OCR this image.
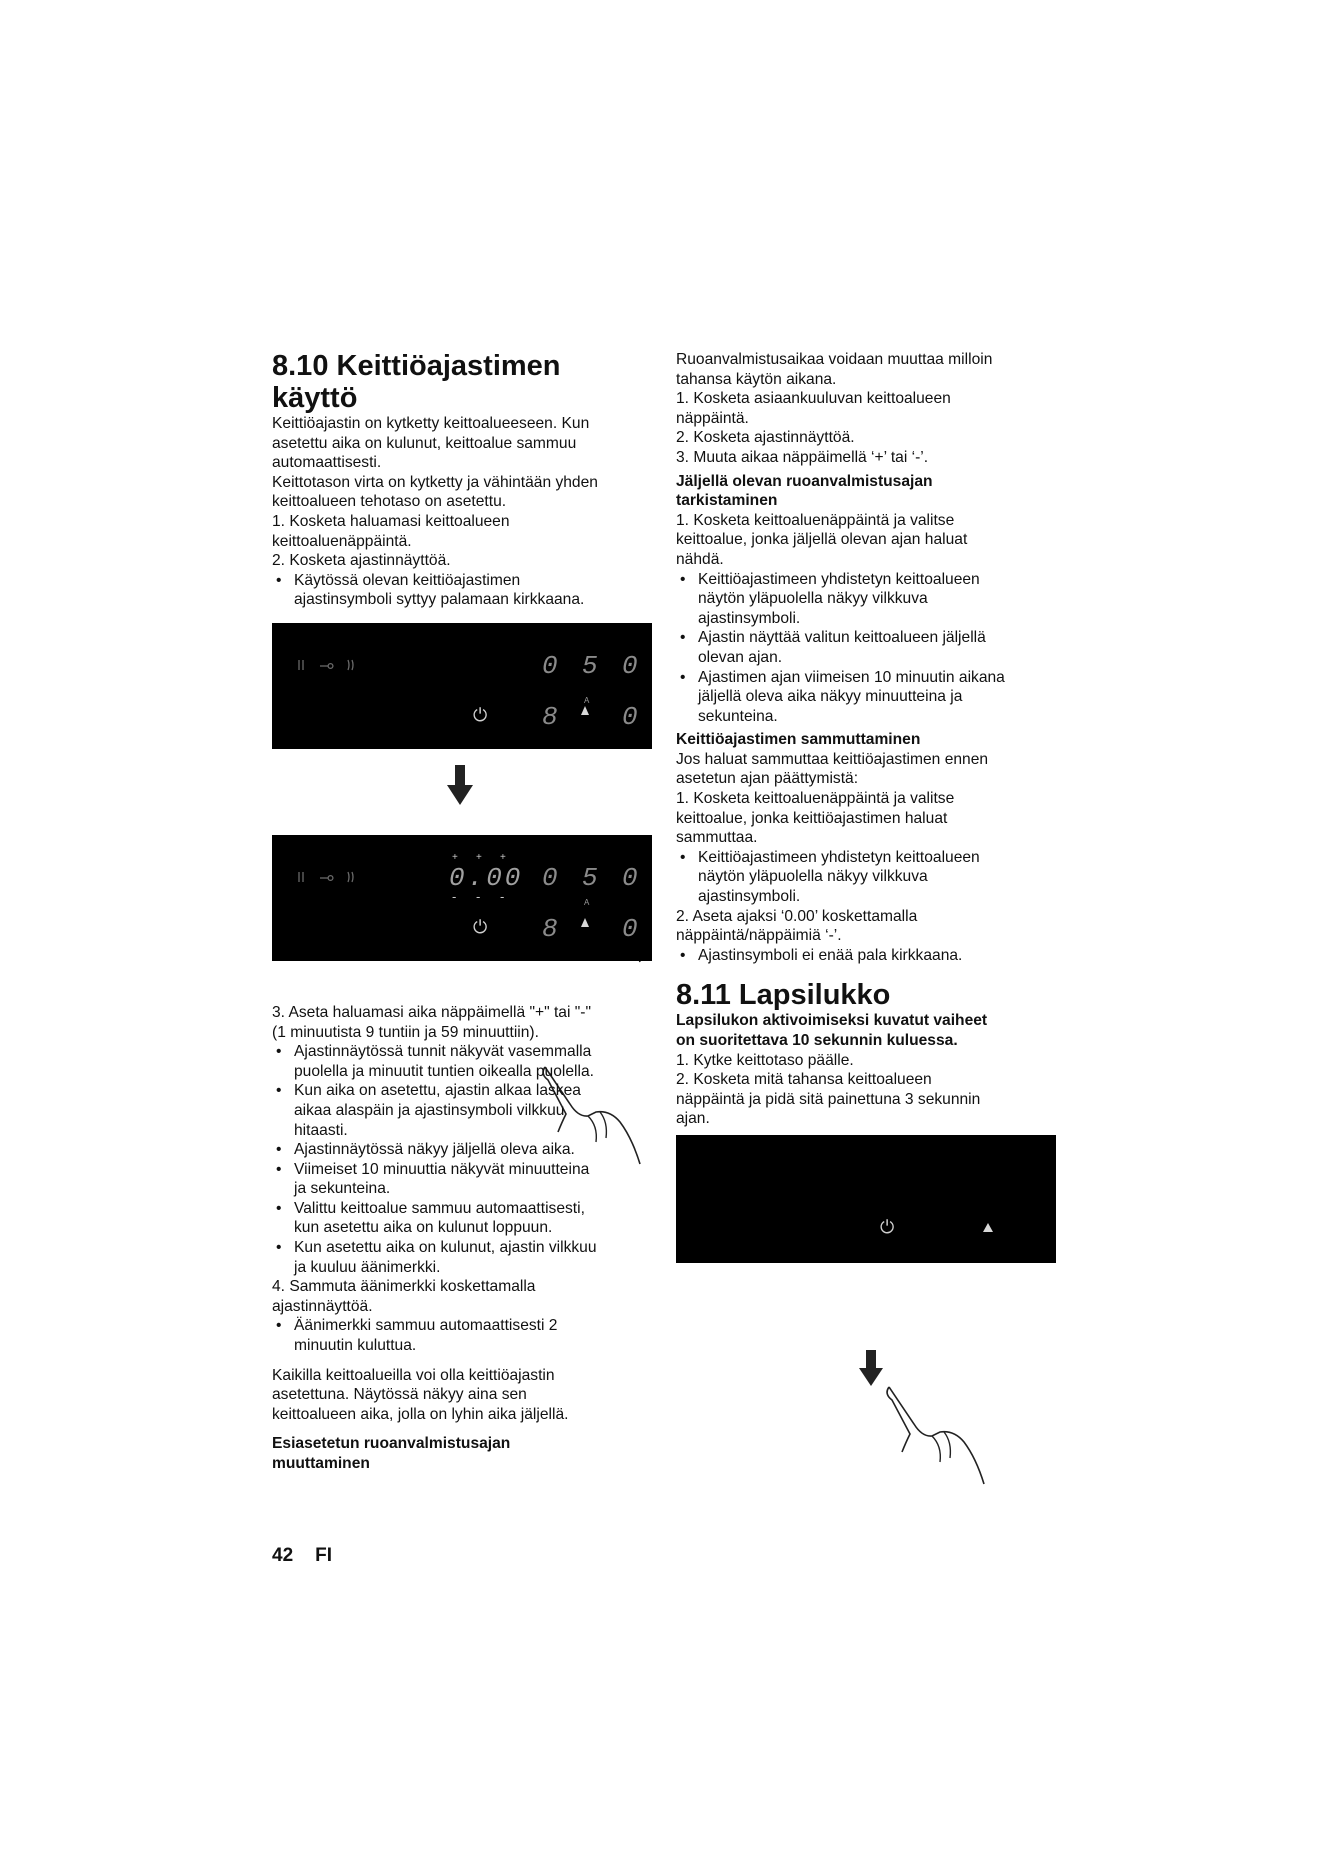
8.10 Keittiöajastimen
käyttö

Keittiöajastin on kytketty keittoalueeseen. Kun

asetettu aika on kulunut, keittoalue sammuu

automaattisesti.

Keittotason virta on kytketty ja vähintään yhden

keittoalueen tehotaso on asetettu.

1. Kosketa haluamasi keittoalueen

keittoaluenäppäintä.

2. Kosketa ajastinnäyttöä.

• Käytössä olevan keittiöajastimen
ajastinsymboli syttyy palamaan kirkkaana.
0 5 0
A
⏻ 8 0
+ + +
0.00 0 5 0
- - -	A
⏻ 8 0

3. Aseta haluamasi aika näppäimellä "+" tai "-"

(1 minuutista 9 tuntiin ja 59 minuuttiin).

• Ajastinnäytössä tunnit näkyvät vasemmalla
puolella ja minuutit tuntien oikealla puolella.
• Kun aika on asetettu, ajastin alkaa laskea
aikaa alaspäin ja ajastinsymboli vilkkuu
hitaasti.
• Ajastinnäytössä näkyy jäljellä oleva aika.
• Viimeiset 10 minuuttia näkyvät minuutteina
ja sekunteina.
• Valittu keittoalue sammuu automaattisesti,
kun asetettu aika on kulunut loppuun.
• Kun asetettu aika on kulunut, ajastin vilkkuu
ja kuuluu äänimerkki.

4. Sammuta äänimerkki koskettamalla

ajastinnäyttöä.

• Äänimerkki sammuu automaattisesti 2
minuutin kuluttua.

Kaikilla keittoalueilla voi olla keittiöajastin

asetettuna. Näytössä näkyy aina sen

keittoalueen aika, jolla on lyhin aika jäljellä.

Esiasetetun ruoanvalmistusajan
muuttaminen

Ruoanvalmistusaikaa voidaan muuttaa milloin

tahansa käytön aikana.

1. Kosketa asiaankuuluvan keittoalueen

näppäintä.

2. Kosketa ajastinnäyttöä.

3. Muuta aikaa näppäimellä ‘+’ tai ‘-’.

Jäljellä olevan ruoanvalmistusajan
tarkistaminen

1. Kosketa keittoaluenäppäintä ja valitse

keittoalue, jonka jäljellä olevan ajan haluat

nähdä.

• Keittiöajastimeen yhdistetyn keittoalueen
näytön yläpuolella näkyy vilkkuva
ajastinsymboli.
• Ajastin näyttää valitun keittoalueen jäljellä
olevan ajan.
• Ajastimen ajan viimeisen 10 minuutin aikana
jäljellä oleva aika näkyy minuutteina ja
sekunteina.
Keittiöajastimen sammuttaminen

Jos haluat sammuttaa keittiöajastimen ennen

asetetun ajan päättymistä:

1. Kosketa keittoaluenäppäintä ja valitse

keittoalue, jonka keittiöajastimen haluat

sammuttaa.

• Keittiöajastimeen yhdistetyn keittoalueen
näytön yläpuolella näkyy vilkkuva
ajastinsymboli.

2. Aseta ajaksi ‘0.00’ koskettamalla

näppäintä/näppäimiä ‘-’.

• Ajastinsymboli ei enää pala kirkkaana.
8.11 Lapsilukko
Lapsilukon aktivoimiseksi kuvatut vaiheet
on suoritettava 10 sekunnin kuluessa.

1. Kytke keittotaso päälle.

2. Kosketa mitä tahansa keittoalueen

näppäintä ja pidä sitä painettuna 3 sekunnin

ajan.

⏻
42 FI
